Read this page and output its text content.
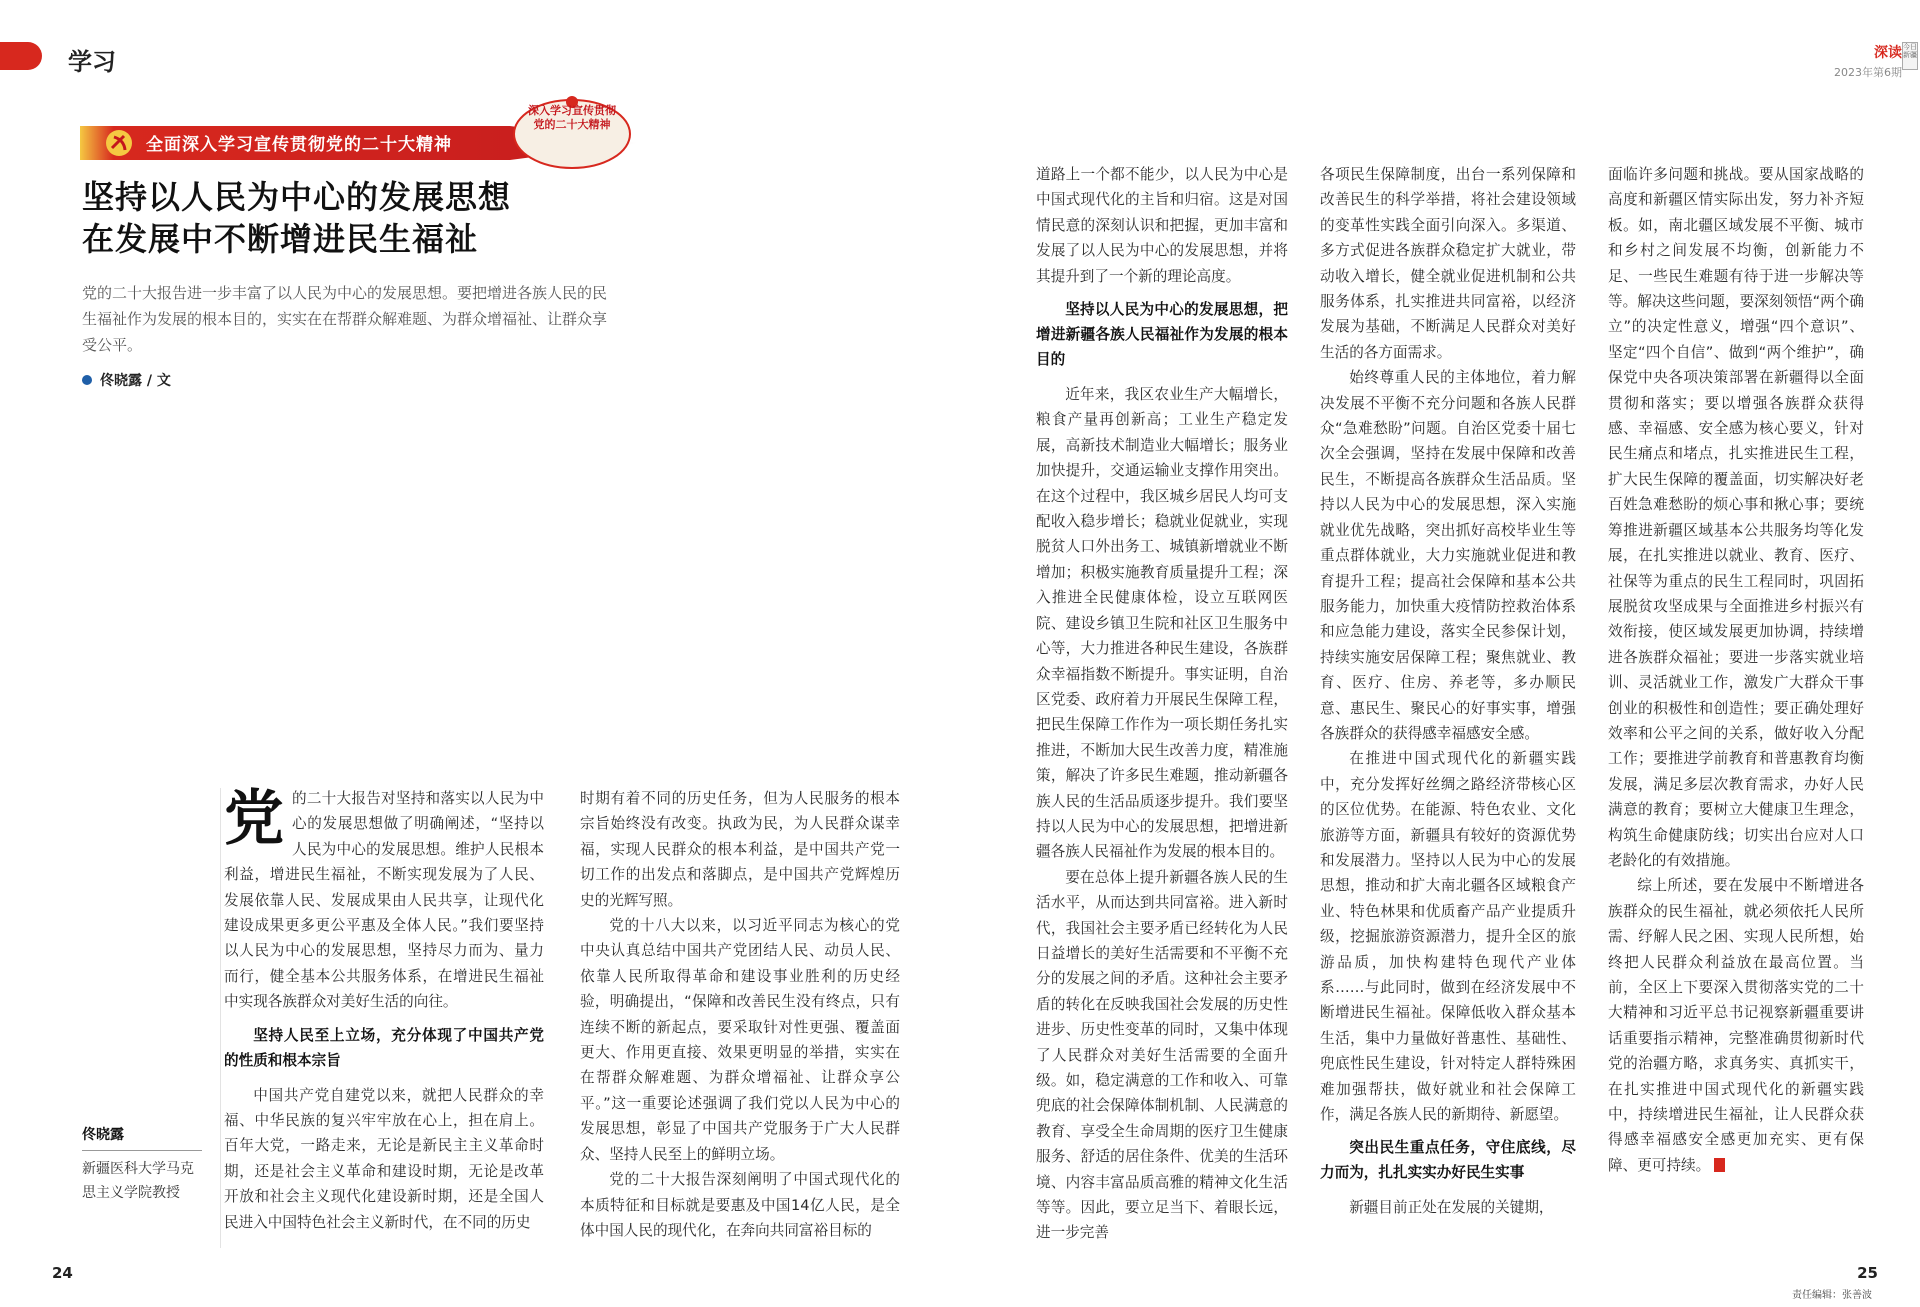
学习	深读
2023年第6期
今日新疆
全面深入学习宣传贯彻党的二十大精神
深入学习宣传贯彻党的二十大精神
坚持以人民为中心的发展思想
在发展中不断增进民生福祉
党的二十大报告进一步丰富了以人民为中心的发展思想。要把增进各族人民的民生福祉作为发展的根本目的，实实在在帮群众解难题、为群众增福祉、让群众享受公平。
佟晓露 / 文
佟晓露
新疆医科大学马克思主义学院教授
党 的二十大报告对坚持和落实以人民为中心的发展思想做了明确阐述，“坚持以人民为中心的发展思想。维护人民根本利益，增进民生福祉，不断实现发展为了人民、发展依靠人民、发展成果由人民共享，让现代化建设成果更多更公平惠及全体人民。”我们要坚持以人民为中心的发展思想，坚持尽力而为、量力而行，健全基本公共服务体系，在增进民生福祉中实现各族群众对美好生活的向往。

坚持人民至上立场，充分体现了中国共产党的性质和根本宗旨

中国共产党自建党以来，就把人民群众的幸福、中华民族的复兴牢牢放在心上，担在肩上。百年大党，一路走来，无论是新民主主义革命时期，还是社会主义革命和建设时期，无论是改革开放和社会主义现代化建设新时期，还是全国人民进入中国特色社会主义新时代，在不同的历史

时期有着不同的历史任务，但为人民服务的根本宗旨始终没有改变。执政为民，为人民群众谋幸福，实现人民群众的根本利益，是中国共产党一切工作的出发点和落脚点，是中国共产党辉煌历史的光辉写照。

党的十八大以来，以习近平同志为核心的党中央认真总结中国共产党团结人民、动员人民、依靠人民所取得革命和建设事业胜利的历史经验，明确提出，“保障和改善民生没有终点，只有连续不断的新起点，要采取针对性更强、覆盖面更大、作用更直接、效果更明显的举措，实实在在帮群众解难题、为群众增福祉、让群众享公平。”这一重要论述强调了我们党以人民为中心的发展思想，彰显了中国共产党服务于广大人民群众、坚持人民至上的鲜明立场。

党的二十大报告深刻阐明了中国式现代化的本质特征和目标就是要惠及中国14亿人民，是全体中国人民的现代化，在奔向共同富裕目标的

道路上一个都不能少，以人民为中心是中国式现代化的主旨和归宿。这是对国情民意的深刻认识和把握，更加丰富和发展了以人民为中心的发展思想，并将其提升到了一个新的理论高度。

坚持以人民为中心的发展思想，把增进新疆各族人民福祉作为发展的根本目的

近年来，我区农业生产大幅增长，粮食产量再创新高；工业生产稳定发展，高新技术制造业大幅增长；服务业加快提升，交通运输业支撑作用突出。在这个过程中，我区城乡居民人均可支配收入稳步增长；稳就业促就业，实现脱贫人口外出务工、城镇新增就业不断增加；积极实施教育质量提升工程；深入推进全民健康体检，设立互联网医院、建设乡镇卫生院和社区卫生服务中心等，大力推进各种民生建设，各族群众幸福指数不断提升。事实证明，自治区党委、政府着力开展民生保障工程，把民生保障工作作为一项长期任务扎实推进，不断加大民生改善力度，精准施策，解决了许多民生难题，推动新疆各族人民的生活品质逐步提升。我们要坚持以人民为中心的发展思想，把增进新疆各族人民福祉作为发展的根本目的。

要在总体上提升新疆各族人民的生活水平，从而达到共同富裕。进入新时代，我国社会主要矛盾已经转化为人民日益增长的美好生活需要和不平衡不充分的发展之间的矛盾。这种社会主要矛盾的转化在反映我国社会发展的历史性进步、历史性变革的同时，又集中体现了人民群众对美好生活需要的全面升级。如，稳定满意的工作和收入、可靠兜底的社会保障体制机制、人民满意的教育、享受全生命周期的医疗卫生健康服务、舒适的居住条件、优美的生活环境、内容丰富品质高雅的精神文化生活等等。因此，要立足当下、着眼长远，进一步完善

各项民生保障制度，出台一系列保障和改善民生的科学举措，将社会建设领域的变革性实践全面引向深入。多渠道、多方式促进各族群众稳定扩大就业，带动收入增长，健全就业促进机制和公共服务体系，扎实推进共同富裕，以经济发展为基础，不断满足人民群众对美好生活的各方面需求。

始终尊重人民的主体地位，着力解决发展不平衡不充分问题和各族人民群众“急难愁盼”问题。自治区党委十届七次全会强调，坚持在发展中保障和改善民生，不断提高各族群众生活品质。坚持以人民为中心的发展思想，深入实施就业优先战略，突出抓好高校毕业生等重点群体就业，大力实施就业促进和教育提升工程；提高社会保障和基本公共服务能力，加快重大疫情防控救治体系和应急能力建设，落实全民参保计划，持续实施安居保障工程；聚焦就业、教育、医疗、住房、养老等，多办顺民意、惠民生、聚民心的好事实事，增强各族群众的获得感幸福感安全感。

在推进中国式现代化的新疆实践中，充分发挥好丝绸之路经济带核心区的区位优势。在能源、特色农业、文化旅游等方面，新疆具有较好的资源优势和发展潜力。坚持以人民为中心的发展思想，推动和扩大南北疆各区域粮食产业、特色林果和优质畜产品产业提质升级，挖掘旅游资源潜力，提升全区的旅游品质，加快构建特色现代产业体系……与此同时，做到在经济发展中不断增进民生福祉。保障低收入群众基本生活，集中力量做好普惠性、基础性、兜底性民生建设，针对特定人群特殊困难加强帮扶，做好就业和社会保障工作，满足各族人民的新期待、新愿望。

突出民生重点任务，守住底线，尽力而为，扎扎实实办好民生实事

新疆目前正处在发展的关键期，

面临许多问题和挑战。要从国家战略的高度和新疆区情实际出发，努力补齐短板。如，南北疆区域发展不平衡、城市和乡村之间发展不均衡，创新能力不足、一些民生难题有待于进一步解决等等。解决这些问题，要深刻领悟“两个确立”的决定性意义，增强“四个意识”、坚定“四个自信”、做到“两个维护”，确保党中央各项决策部署在新疆得以全面贯彻和落实；要以增强各族群众获得感、幸福感、安全感为核心要义，针对民生痛点和堵点，扎实推进民生工程，扩大民生保障的覆盖面，切实解决好老百姓急难愁盼的烦心事和揪心事；要统筹推进新疆区域基本公共服务均等化发展，在扎实推进以就业、教育、医疗、社保等为重点的民生工程同时，巩固拓展脱贫攻坚成果与全面推进乡村振兴有效衔接，使区域发展更加协调，持续增进各族群众福祉；要进一步落实就业培训、灵活就业工作，激发广大群众干事创业的积极性和创造性；要正确处理好效率和公平之间的关系，做好收入分配工作；要推进学前教育和普惠教育均衡发展，满足多层次教育需求，办好人民满意的教育；要树立大健康卫生理念，构筑生命健康防线；切实出台应对人口老龄化的有效措施。

综上所述，要在发展中不断增进各族群众的民生福祉，就必须依托人民所需、纾解人民之困、实现人民所想，始终把人民群众利益放在最高位置。当前，全区上下要深入贯彻落实党的二十大精神和习近平总书记视察新疆重要讲话重要指示精神，完整准确贯彻新时代党的治疆方略，求真务实、真抓实干，在扎实推进中国式现代化的新疆实践中，持续增进民生福祉，让人民群众获得感幸福感安全感更加充实、更有保障、更可持续。

24	25
责任编辑：张善波
